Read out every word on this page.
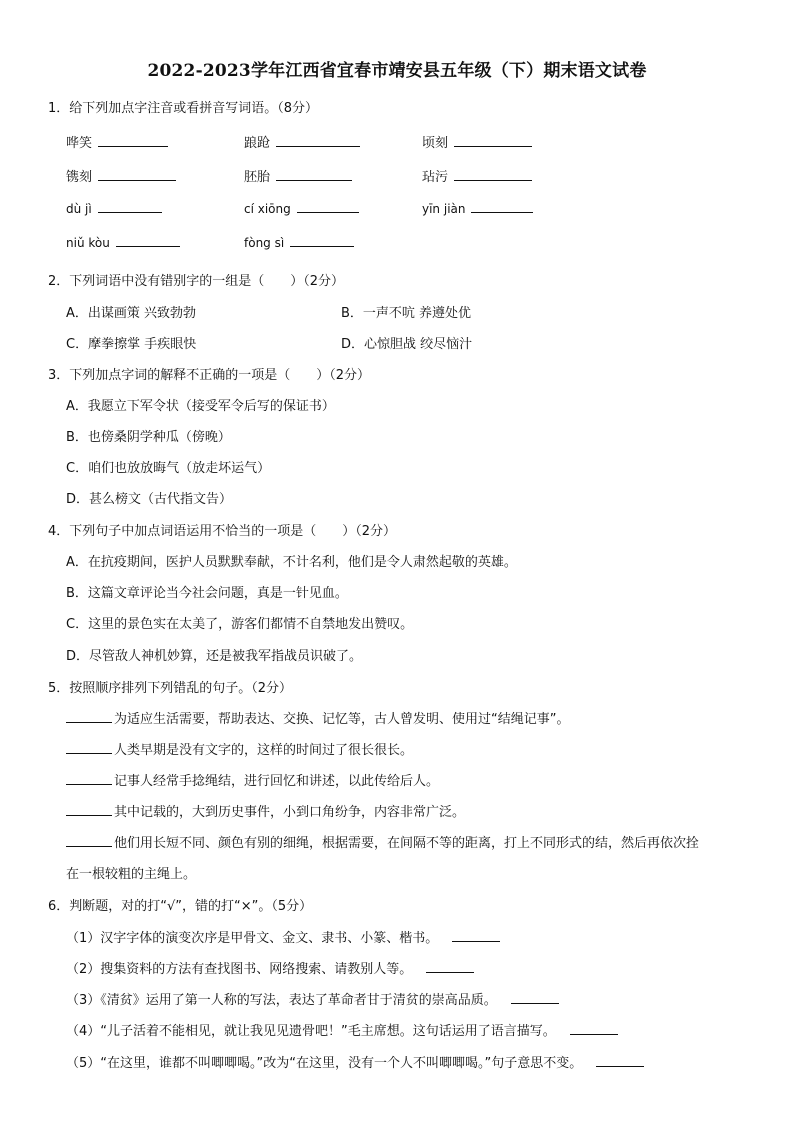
2022-2023学年江西省宜春市靖安县五年级（下）期末语文试卷
1．给下列加点字注音或看拼音写词语。（8分）
哗笑	踉跄	顷刻
镌刻	胚胎	玷污
dù jì	cí xiōng	yīn jiàn
niǔ kòu	fòng sì
2．下列词语中没有错别字的一组是（　　）（2分）
A．出谋画策 兴致勃勃	B．一声不吭 养遵处优
C．摩拳擦掌 手疾眼快	D．心惊胆战 绞尽恼汁
3．下列加点字词的解释不正确的一项是（　　）（2分）
A．我愿立下军令状（接受军令后写的保证书）
B．也傍桑阴学种瓜（傍晚）
C．咱们也放放晦气（放走坏运气）
D．甚么榜文（古代指文告）
4．下列句子中加点词语运用不恰当的一项是（　　）（2分）
A．在抗疫期间，医护人员默默奉献，不计名利，他们是令人肃然起敬的英雄。
B．这篇文章评论当今社会问题，真是一针见血。
C．这里的景色实在太美了，游客们都情不自禁地发出赞叹。
D．尽管敌人神机妙算，还是被我军指战员识破了。
5．按照顺序排列下列错乱的句子。（2分）
为适应生活需要，帮助表达、交换、记忆等，古人曾发明、使用过“结绳记事”。
人类早期是没有文字的，这样的时间过了很长很长。
记事人经常手捻绳结，进行回忆和讲述，以此传给后人。
其中记载的，大到历史事件，小到口角纷争，内容非常广泛。
他们用长短不同、颜色有别的细绳，根据需要，在间隔不等的距离，打上不同形式的结，然后再依次拴
在一根较粗的主绳上。
6．判断题，对的打“√”，错的打“×”。（5分）
（1）汉字字体的演变次序是甲骨文、金文、隶书、小篆、楷书。
（2）搜集资料的方法有查找图书、网络搜索、请教别人等。
（3）《清贫》运用了第一人称的写法，表达了革命者甘于清贫的崇高品质。
（4）“儿子活着不能相见，就让我见见遗骨吧！”毛主席想。这句话运用了语言描写。
（5）“在这里，谁都不叫唧唧喝。”改为“在这里，没有一个人不叫唧唧喝。”句子意思不变。
